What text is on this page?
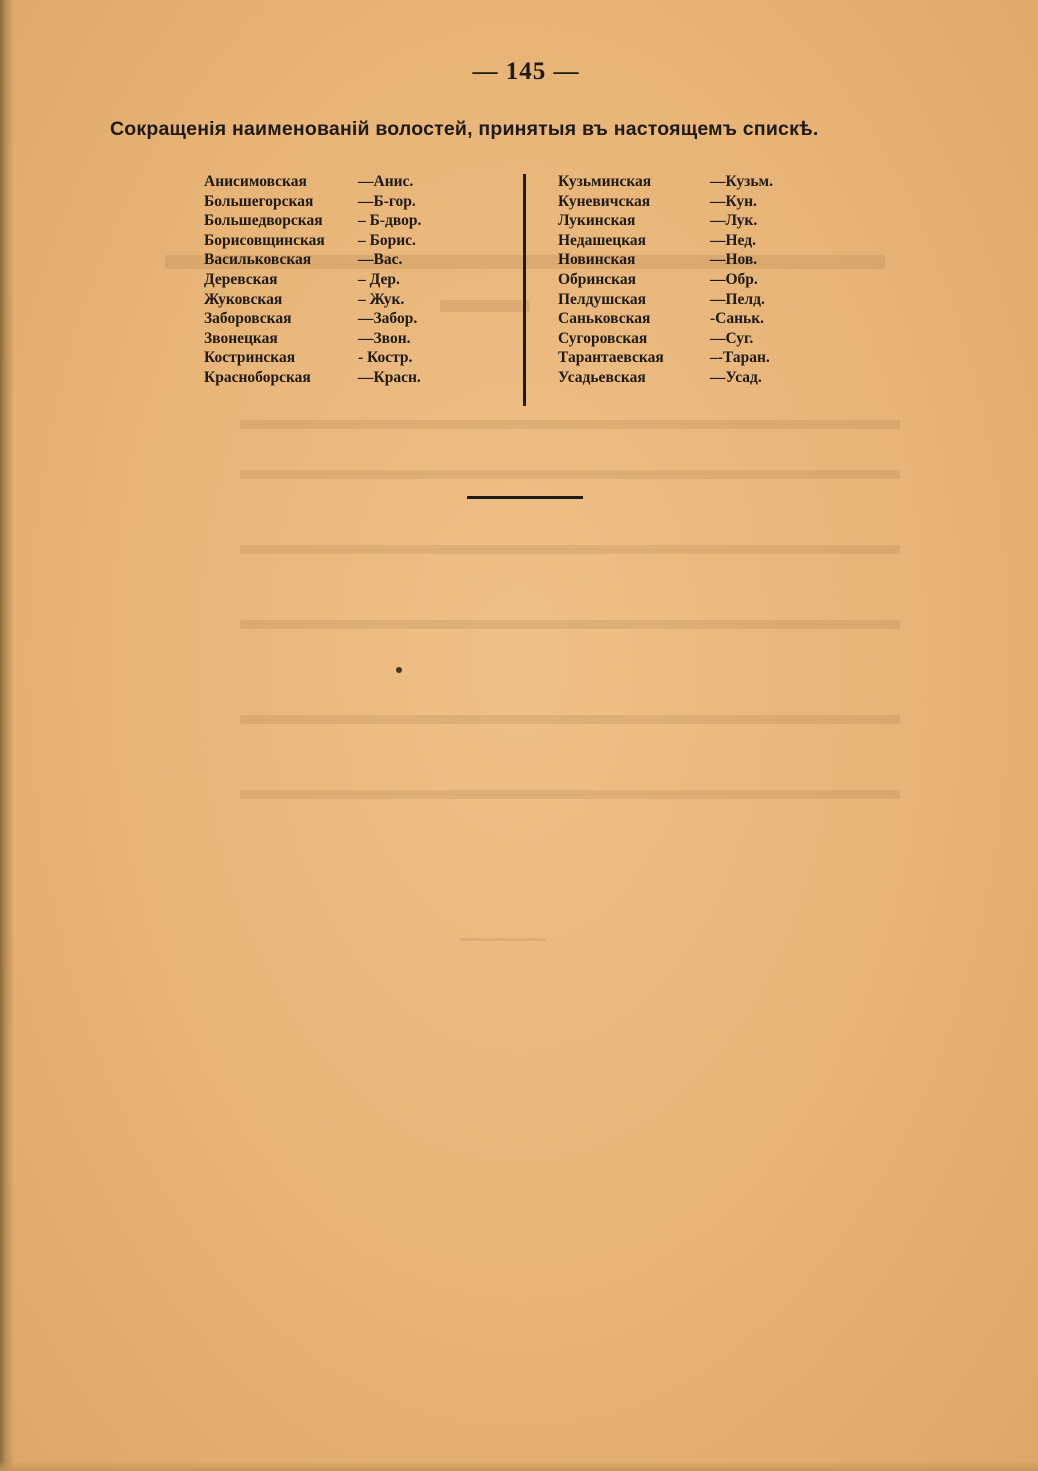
— 145 —
Сокращенія наименованій волостей, принятыя въ настоящемъ спискѣ.
Анисимовская	—Анис.
Большегорская	—Б-гор.
Большедворская	– Б-двор.
Борисовщинская	– Борис.
Васильковская	—Вас.
Деревская	– Дер.
Жуковская	– Жук.
Заборовская	—Забор.
Звонецкая	—Звон.
Костринская	- Костр.
Красноборская	—Красн.
Кузьминская	—Кузьм.
Куневичская	—Кун.
Лукинская	—Лук.
Недашецкая	—Нед.
Новинская	—Нов.
Обринская	—Обр.
Пелдушская	—Пелд.
Саньковская	-Саньк.
Сугоровская	—Суг.
Тарантаевская	–-Таран.
Усадьевская	—Усад.
